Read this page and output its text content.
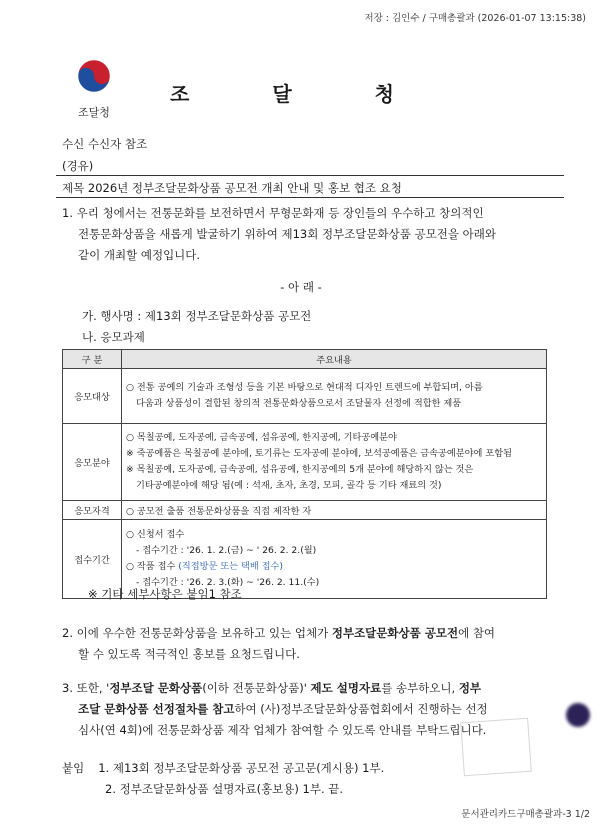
저장 : 김인수 / 구매총괄과 (2026-01-07 13:15:38)
조달청
조 달 청
수신 수신자 참조
(경유)
제목 2026년 정부조달문화상품 공모전 개최 안내 및 홍보 협조 요청
1. 우리 청에서는 전통문화를 보전하면서 무형문화재 등 장인들의 우수하고 창의적인
전통문화상품을 새롭게 발굴하기 위하여 제13회 정부조달문화상품 공모전을 아래와
같이 개최할 예정입니다.
- 아 래 -
가. 행사명 : 제13회 정부조달문화상품 공모전
나. 응모과제
구 분	주요내용
응모대상	○ 전통 공예의 기술과 조형성 등을 기본 바탕으로 현대적 디자인 트렌드에 부합되며, 아름
다움과 상품성이 결합된 창의적 전통문화상품으로서 조달물자 선정에 적합한 제품

응모분야	○ 목칠공예, 도자공예, 금속공예, 섬유공예, 한지공예, 기타공예분야
※ 죽공예품은 목칠공예 분야에, 토기류는 도자공예 분야에, 보석공예품은 금속공예분야에 포함됨
※ 목칠공예, 도자공예, 금속공예, 섬유공예, 한지공예의 5개 분야에 해당하지 않는 것은
기타공예분야에 해당 됨(예 : 석재, 초자, 초경, 모피, 골각 등 기타 재료의 것)

응모자격	○ 공모전 출품 전통문화상품을 직접 제작한 자
접수기간	○ 신청서 접수
- 접수기간 : '26. 1. 2.(금) ~ ' 26. 2. 2.(월)
○ 작품 접수 (직접방문 또는 택배 접수)
- 접수기간 : '26. 2. 3.(화) ~ '26. 2. 11.(수)
※ 기타 세부사항은 붙임1 참조
2. 이에 우수한 전통문화상품을 보유하고 있는 업체가 정부조달문화상품 공모전에 참여
할 수 있도록 적극적인 홍보를 요청드립니다.
3. 또한, '정부조달 문화상품(이하 전통문화상품)' 제도 설명자료를 송부하오니, 정부
조달 문화상품 선정절차를 참고하여 (사)정부조달문화상품협회에서 진행하는 선정
심사(연 4회)에 전통문화상품 제작 업체가 참여할 수 있도록 안내를 부탁드립니다.
붙임 1. 제13회 정부조달문화상품 공모전 공고문(게시용) 1부.
2. 정부조달문화상품 설명자료(홍보용) 1부. 끝.
문서관리카드구매총괄과-3 1/2
